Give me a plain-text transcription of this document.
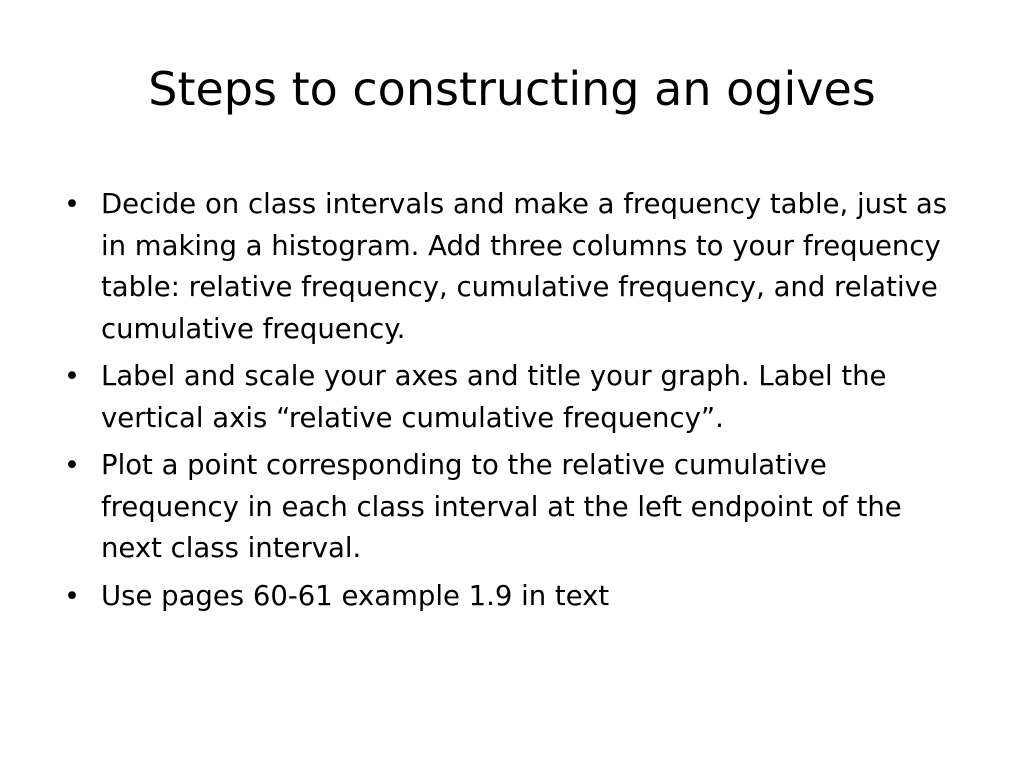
Steps to constructing an ogives
• Decide on class intervals and make a frequency table, just as in making a histogram. Add three columns to your frequency table: relative frequency, cumulative frequency, and relative cumulative frequency.
• Label and scale your axes and title your graph. Label the vertical axis “relative cumulative frequency”.
• Plot a point corresponding to the relative cumulative frequency in each class interval at the left endpoint of the next class interval.
• Use pages 60-61 example 1.9 in text
